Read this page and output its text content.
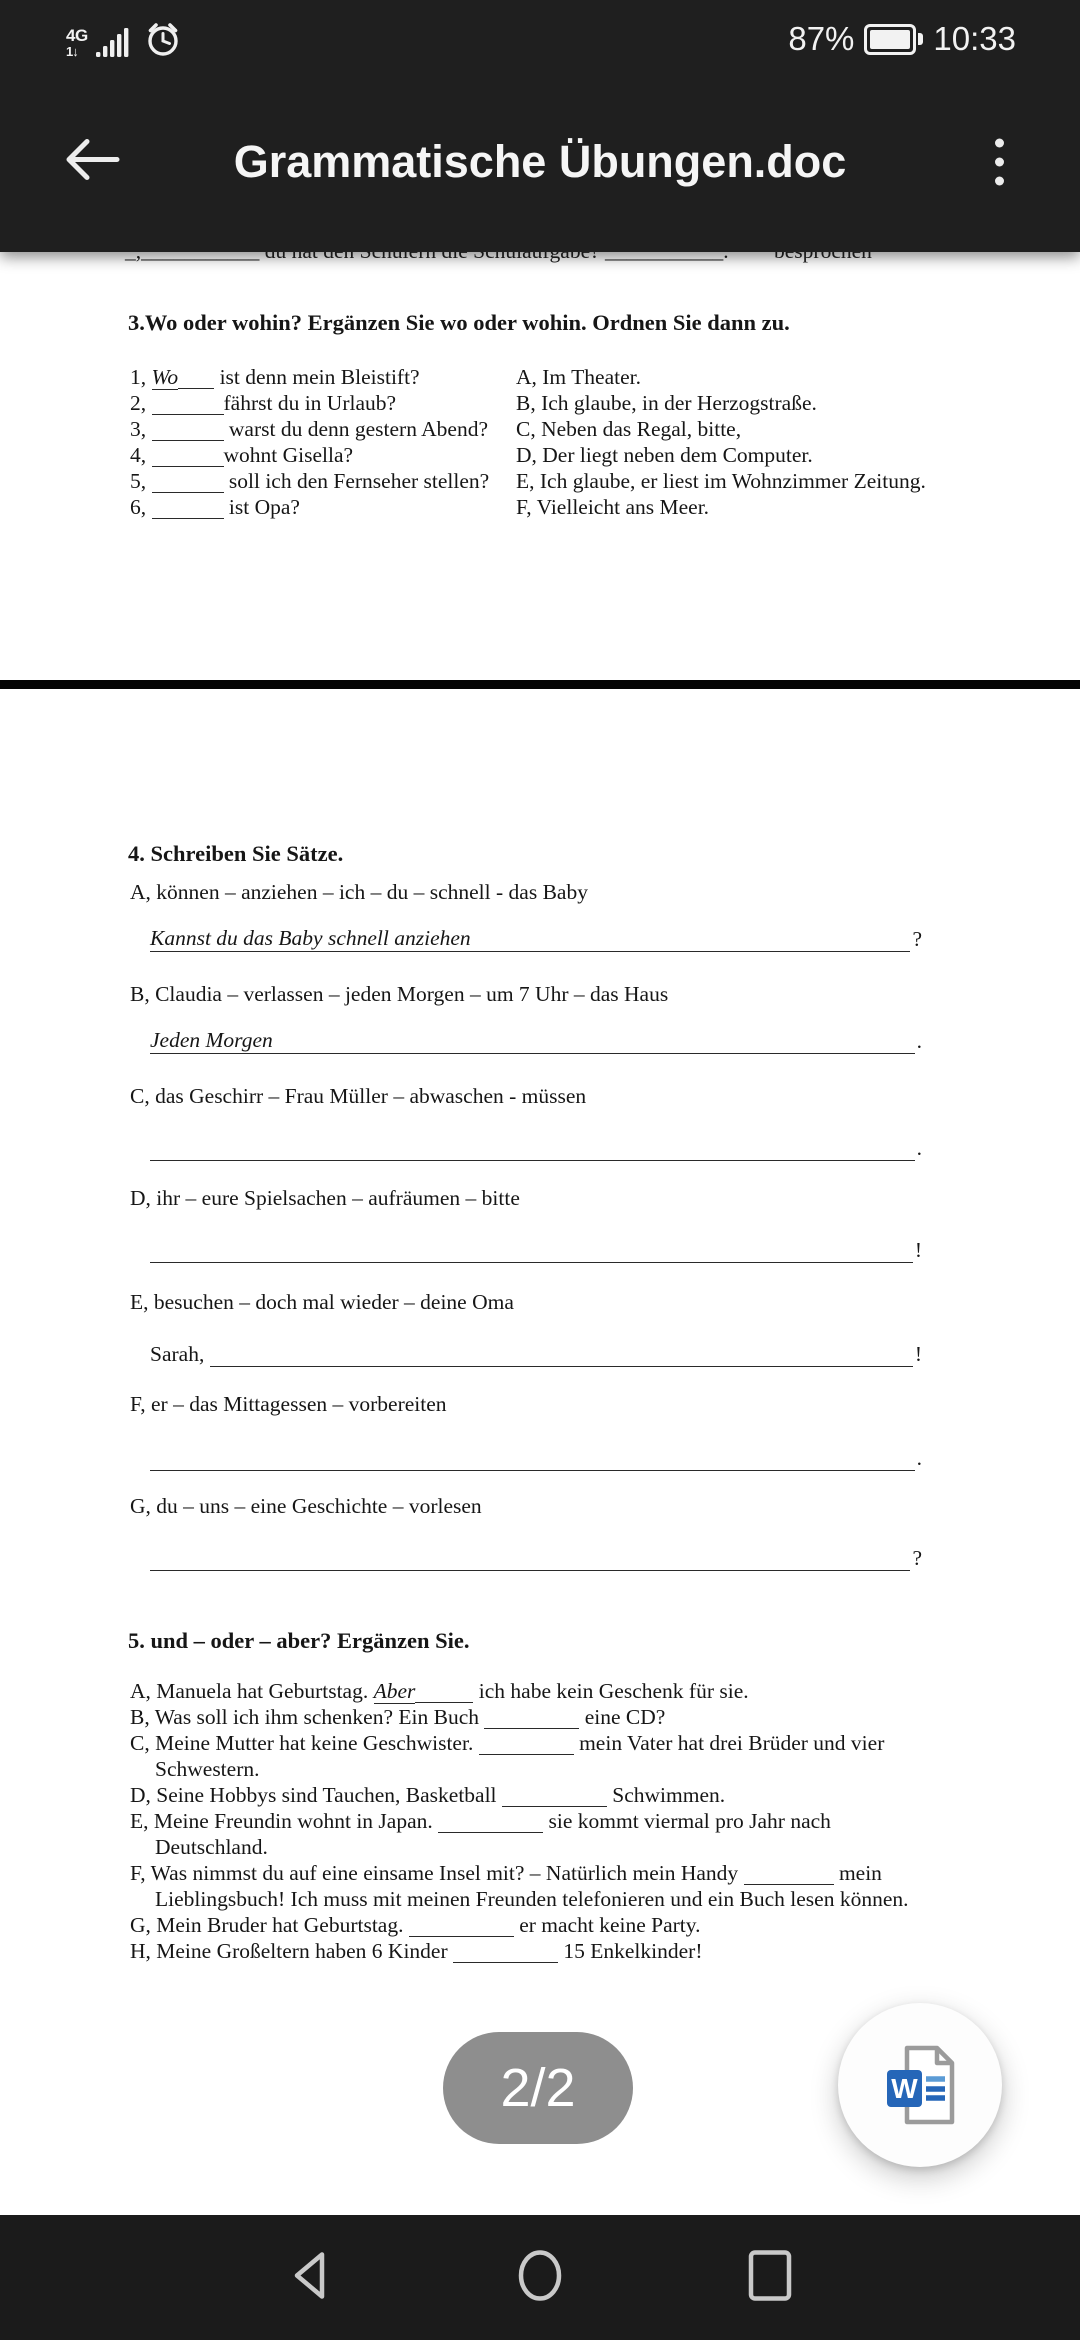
4G
1↓	87% 10:33
Grammatische Übungen.doc
3.Wo oder wohin? Ergänzen Sie wo oder wohin. Ordnen Sie dann zu.
1, Wo ist denn mein Bleistift?
2,	fährst du in Urlaub?
3,	warst du denn gestern Abend?
4,	wohnt Gisella?
5,	soll ich den Fernseher stellen?
6,	ist Opa?
A, Im Theater.
B, Ich glaube, in der Herzogstraße.
C, Neben das Regal, bitte,
D, Der liegt neben dem Computer.
E, Ich glaube, er liest im Wohnzimmer Zeitung.
F, Vielleicht ans Meer.
4. Schreiben Sie Sätze.
A, können – anziehen – ich – du – schnell - das Baby
Kannst du das Baby schnell anziehen	?
B, Claudia – verlassen – jeden Morgen – um 7 Uhr – das Haus
Jeden Morgen	.
C, das Geschirr – Frau Müller – abwaschen - müssen
.
D, ihr – eure Spielsachen – aufräumen – bitte
!
E, besuchen – doch mal wieder – deine Oma
Sarah,	!
F, er – das Mittagessen – vorbereiten
.
G, du – uns – eine Geschichte – vorlesen
?
5. und – oder – aber? Ergänzen Sie.
A, Manuela hat Geburtstag. Aber	ich habe kein Geschenk für sie.
B, Was soll ich ihm schenken? Ein Buch	eine CD?
C, Meine Mutter hat keine Geschwister.	mein Vater hat drei Brüder und vier
Schwestern.
D, Seine Hobbys sind Tauchen, Basketball	Schwimmen.
E, Meine Freundin wohnt in Japan.	sie kommt viermal pro Jahr nach
Deutschland.
F, Was nimmst du auf eine einsame Insel mit? – Natürlich mein Handy	mein
Lieblingsbuch! Ich muss mit meinen Freunden telefonieren und ein Buch lesen können.
G, Mein Bruder hat Geburtstag.	er macht keine Party.
H, Meine Großeltern haben 6 Kinder	15 Enkelkinder!
2/2	W
